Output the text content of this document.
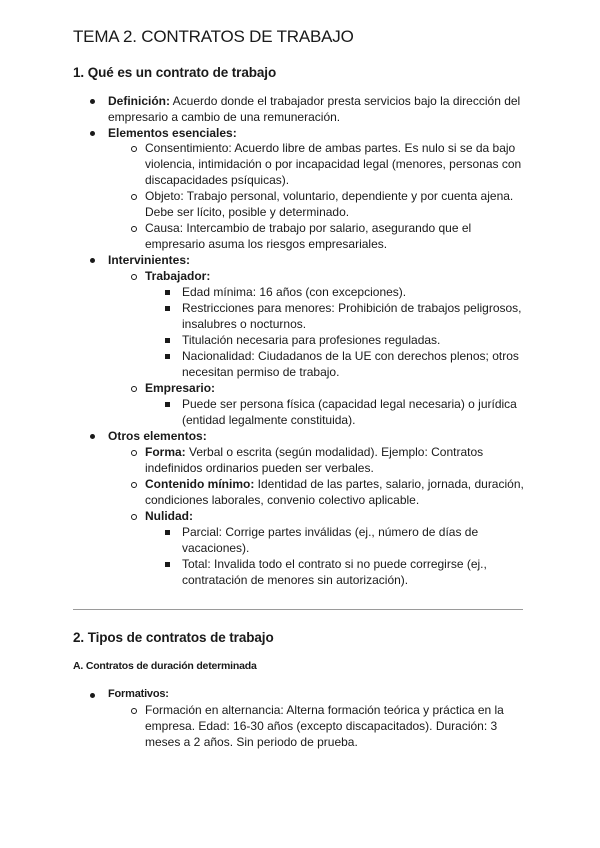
TEMA 2. CONTRATOS DE TRABAJO
1. Qué es un contrato de trabajo
Definición: Acuerdo donde el trabajador presta servicios bajo la dirección del
empresario a cambio de una remuneración.
Elementos esenciales:
Consentimiento: Acuerdo libre de ambas partes. Es nulo si se da bajo
violencia, intimidación o por incapacidad legal (menores, personas con
discapacidades psíquicas).
Objeto: Trabajo personal, voluntario, dependiente y por cuenta ajena.
Debe ser lícito, posible y determinado.
Causa: Intercambio de trabajo por salario, asegurando que el
empresario asuma los riesgos empresariales.
Intervinientes:
Trabajador:
Edad mínima: 16 años (con excepciones).
Restricciones para menores: Prohibición de trabajos peligrosos,
insalubres o nocturnos.
Titulación necesaria para profesiones reguladas.
Nacionalidad: Ciudadanos de la UE con derechos plenos; otros
necesitan permiso de trabajo.
Empresario:
Puede ser persona física (capacidad legal necesaria) o jurídica
(entidad legalmente constituida).
Otros elementos:
Forma: Verbal o escrita (según modalidad). Ejemplo: Contratos
indefinidos ordinarios pueden ser verbales.
Contenido mínimo: Identidad de las partes, salario, jornada, duración,
condiciones laborales, convenio colectivo aplicable.
Nulidad:
Parcial: Corrige partes inválidas (ej., número de días de
vacaciones).
Total: Invalida todo el contrato si no puede corregirse (ej.,
contratación de menores sin autorización).
2. Tipos de contratos de trabajo
A. Contratos de duración determinada
Formativos:
Formación en alternancia: Alterna formación teórica y práctica en la
empresa. Edad: 16-30 años (excepto discapacitados). Duración: 3
meses a 2 años. Sin periodo de prueba.
